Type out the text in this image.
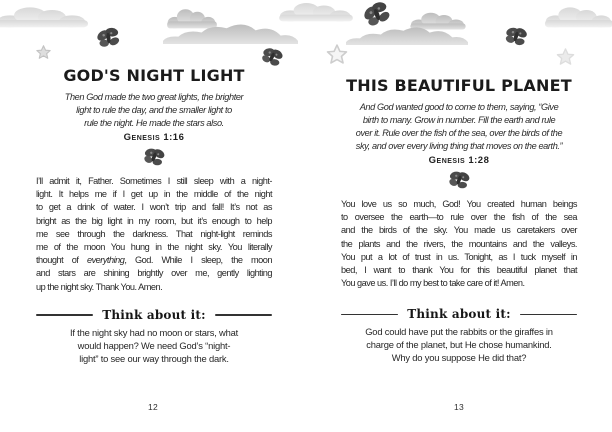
GOD'S NIGHT LIGHT
Then God made the two great lights, the brighter
light to rule the day, and the smaller light to
rule the night. He made the stars also.
Genesis 1:16
I’ll admit it, Father. Sometimes I still sleep with a night-
light. It helps me if I get up in the middle of the night
to get a drink of water. I won’t trip and fall! It’s not as
bright as the big light in my room, but it’s enough to help
me see through the darkness. That night-light reminds
me of the moon You hung in the night sky. You literally
thought of everything, God. While I sleep, the moon
and stars are shining brightly over me, gently lighting
up the night sky. Thank You. Amen.
Think about it:
If the night sky had no moon or stars, what
would happen? We need God’s “night-
light” to see our way through the dark.
THIS BEAUTIFUL PLANET
And God wanted good to come to them, saying, “Give
birth to many. Grow in number. Fill the earth and rule
over it. Rule over the fish of the sea, over the birds of the
sky, and over every living thing that moves on the earth.”
Genesis 1:28
You love us so much, God! You created human beings
to oversee the earth—to rule over the fish of the sea
and the birds of the sky. You made us caretakers over
the plants and the rivers, the mountains and the valleys.
You put a lot of trust in us. Tonight, as I tuck myself in
bed, I want to thank You for this beautiful planet that
You gave us. I’ll do my best to take care of it! Amen.
Think about it:
God could have put the rabbits or the giraffes in
charge of the planet, but He chose humankind.
Why do you suppose He did that?
12	13
